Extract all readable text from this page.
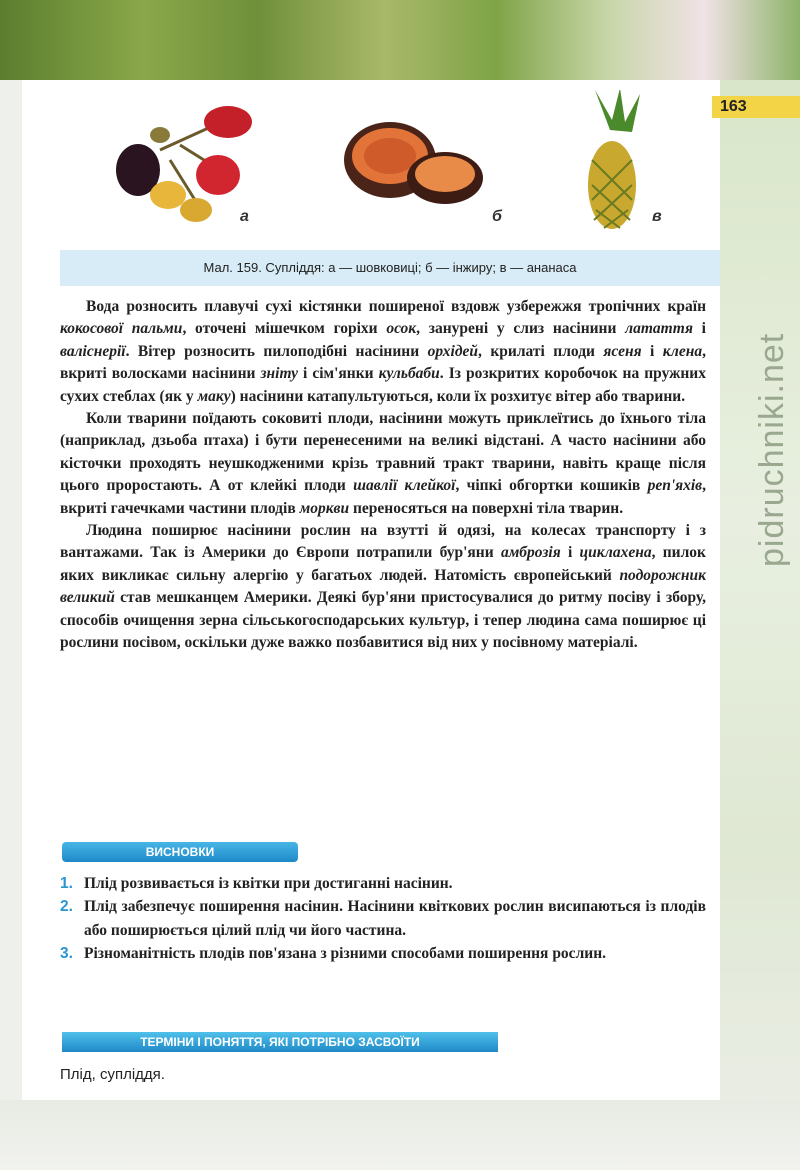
163
pidruchniki.net
а	б	в
Мал. 159. Супліддя: а — шовковиці; б — інжиру; в — ананаса

Вода розносить плавучі сухі кістянки поширеної вздовж узбережжя тропічних країн кокосової пальми, оточені мішечком горіхи осок, занурені у слиз насінини латаття і валіснерії. Вітер розносить пилоподібні насінини орхідей, крилаті плоди ясеня і клена, вкриті волосками насінини зніту і сім'янки кульбаби. Із розкритих коробочок на пружних сухих стеблах (як у маку) насінини катапультуються, коли їх розхитує вітер або тварини.

Коли тварини поїдають соковиті плоди, насінини можуть приклеїтись до їхнього тіла (наприклад, дзьоба птаха) і бути перенесеними на великі відстані. А часто насінини або кісточки проходять неушкодженими крізь травний тракт тварини, навіть краще після цього проростають. А от клейкі плоди шавлії клейкої, чіпкі обгортки кошиків реп'яхів, вкриті гачечками частини плодів моркви переносяться на поверхні тіла тварин.

Людина поширює насінини рослин на взутті й одязі, на колесах транспорту і з вантажами. Так із Америки до Європи потрапили бур'яни амброзія і циклахена, пилок яких викликає сильну алергію у багатьох людей. Натомість європейський подорожник великий став мешканцем Америки. Деякі бур'яни пристосувалися до ритму посіву і збору, способів очищення зерна сільськогосподарських культур, і тепер людина сама поширює ці рослини посівом, оскільки дуже важко позбавитися від них у посівному матеріалі.

ВИСНОВКИ
1. Плід розвивається із квітки при достиганні насінин.
2. Плід забезпечує поширення насінин. Насінини квіткових рослин висипаються із плодів або поширюється цілий плід чи його частина.
3. Різноманітність плодів пов'язана з різними способами поширення рослин.
ТЕРМІНИ І ПОНЯТТЯ, ЯКІ ПОТРІБНО ЗАСВОЇТИ
Плід, супліддя.
